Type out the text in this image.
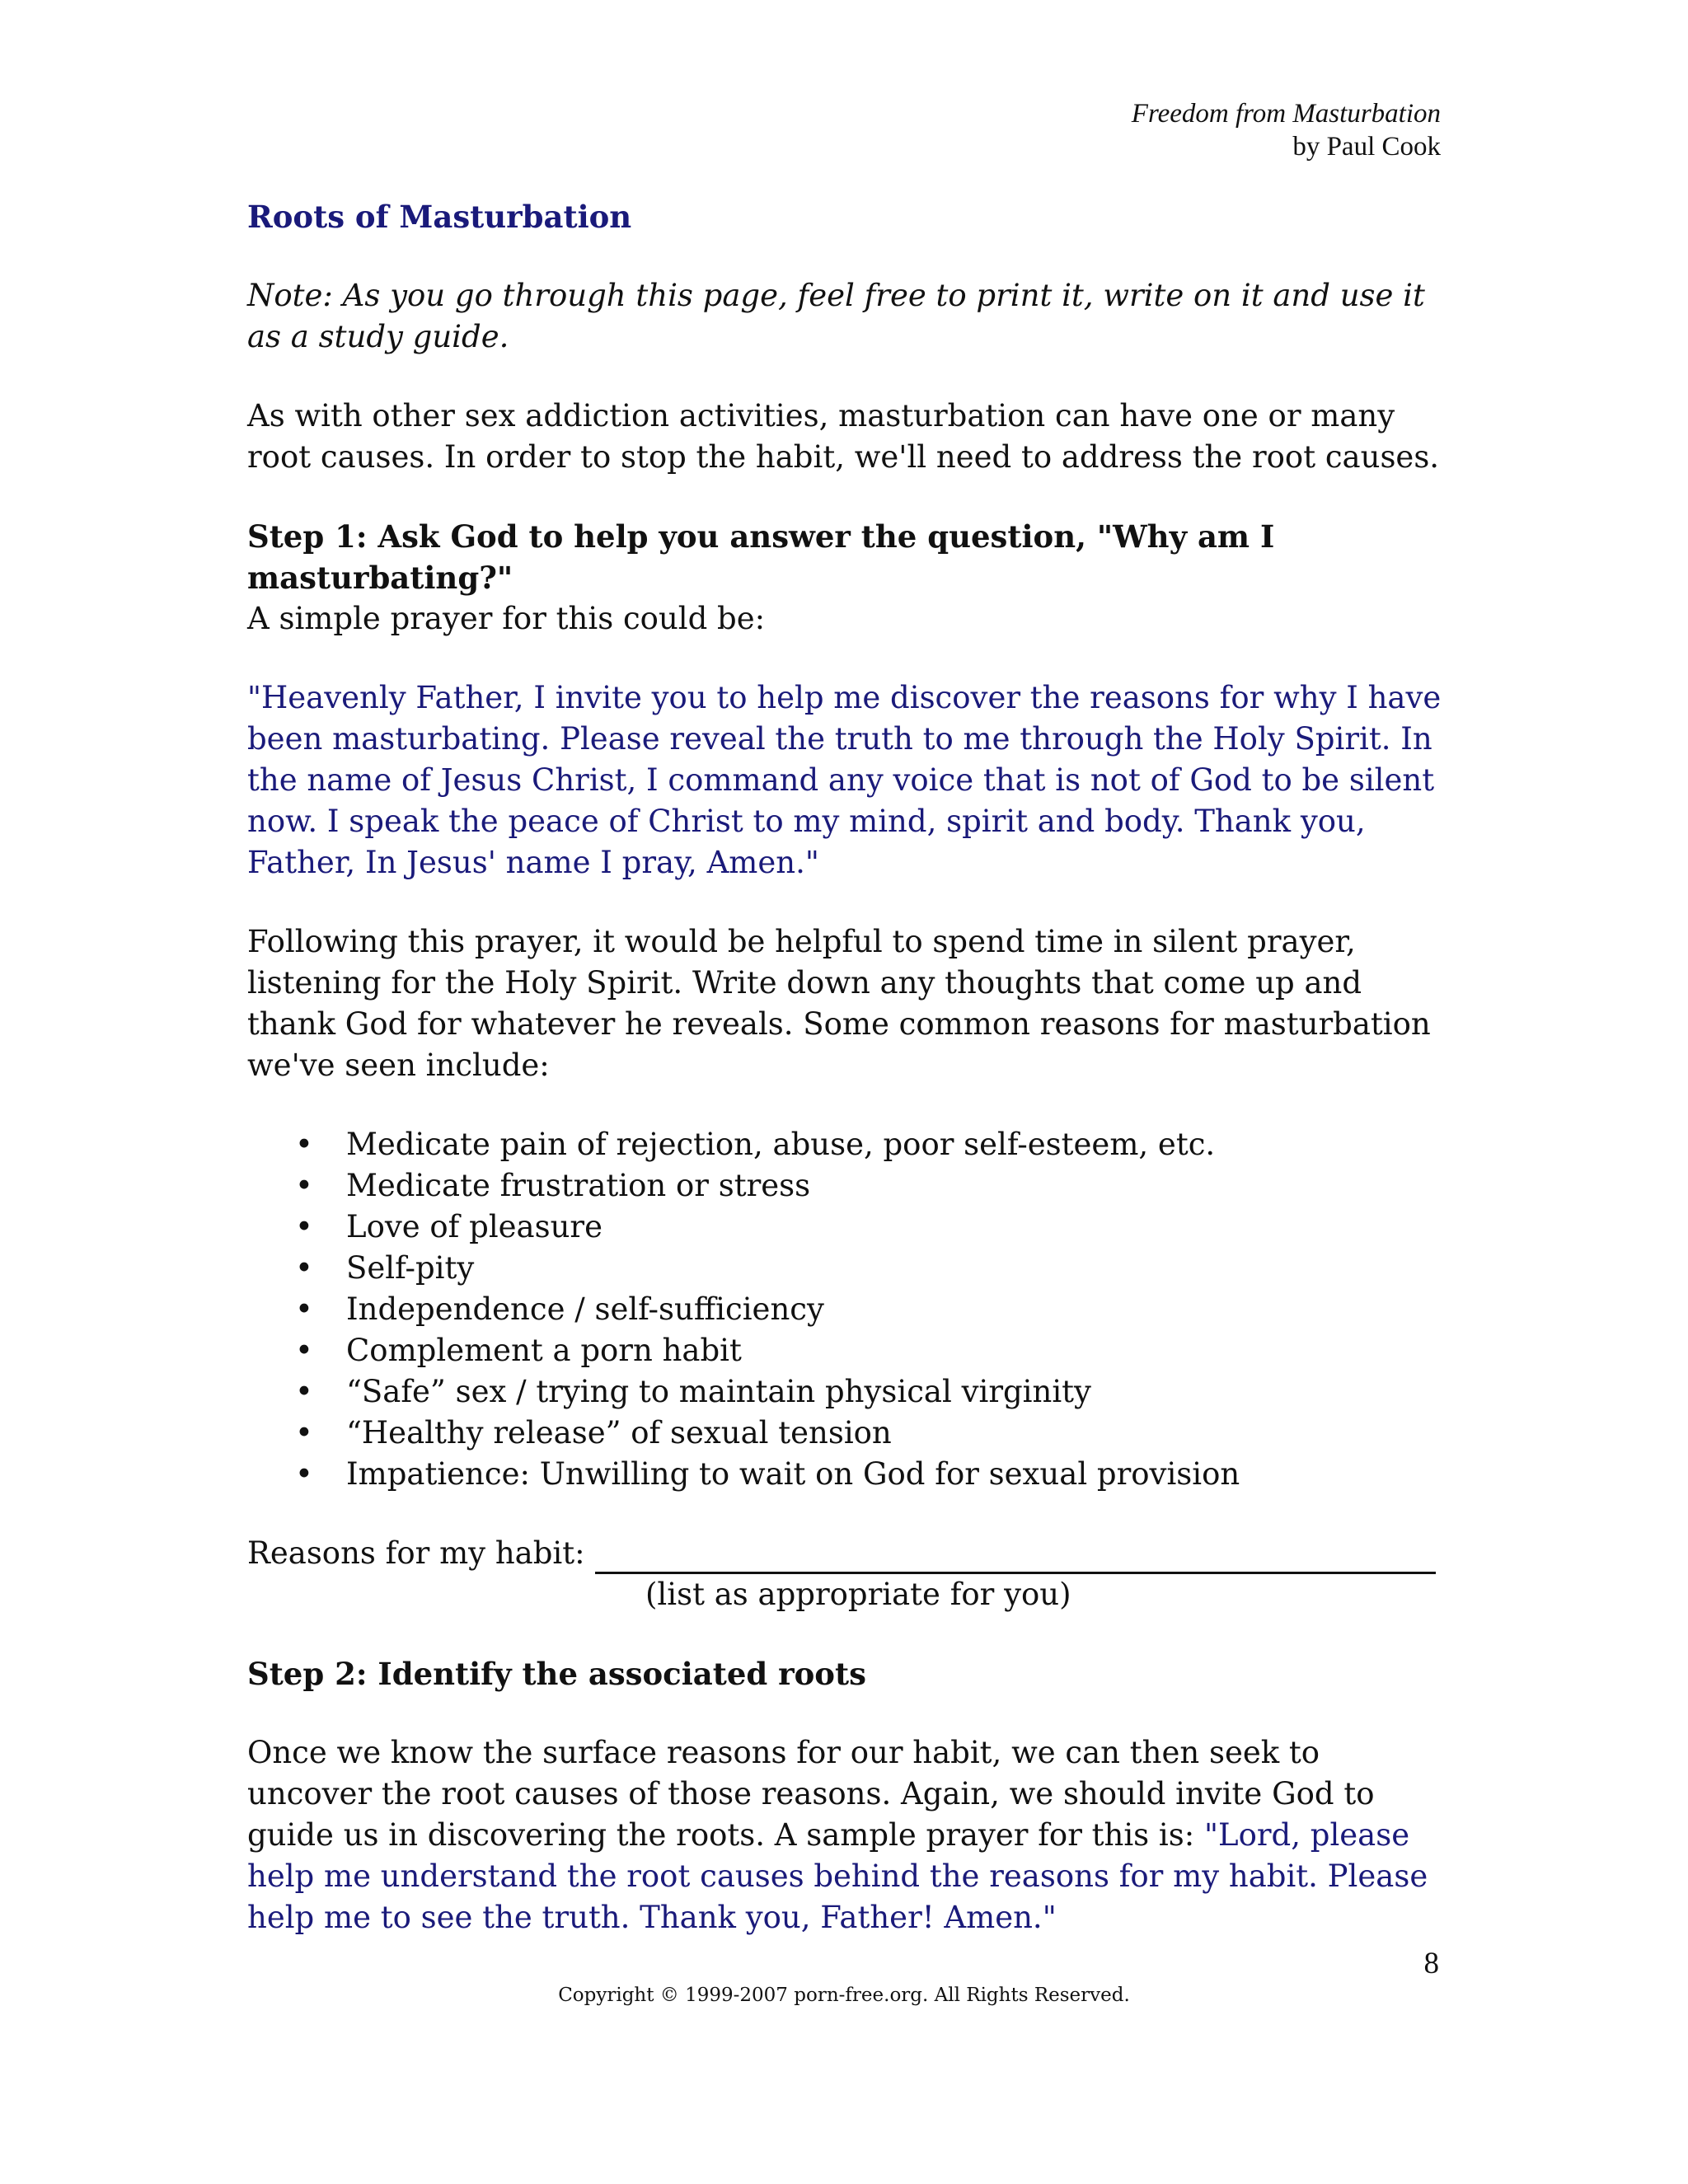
Freedom from Masturbation
by Paul Cook
Roots of Masturbation

Note: As you go through this page, feel free to print it, write on it and use it as a study guide.

As with other sex addiction activities, masturbation can have one or many root causes. In order to stop the habit, we'll need to address the root causes.

Step 1: Ask God to help you answer the question, "Why am I masturbating?"

A simple prayer for this could be:

"Heavenly Father, I invite you to help me discover the reasons for why I have been masturbating. Please reveal the truth to me through the Holy Spirit. In the name of Jesus Christ, I command any voice that is not of God to be silent now. I speak the peace of Christ to my mind, spirit and body. Thank you, Father, In Jesus' name I pray, Amen."

Following this prayer, it would be helpful to spend time in silent prayer, listening for the Holy Spirit. Write down any thoughts that come up and thank God for whatever he reveals. Some common reasons for masturbation we've seen include:

• Medicate pain of rejection, abuse, poor self-esteem, etc.
• Medicate frustration or stress
• Love of pleasure
• Self-pity
• Independence / self-sufficiency
• Complement a porn habit
• “Safe” sex / trying to maintain physical virginity
• “Healthy release” of sexual tension
• Impatience: Unwilling to wait on God for sexual provision
Reasons for my habit:
(list as appropriate for you)

Step 2: Identify the associated roots

Once we know the surface reasons for our habit, we can then seek to uncover the root causes of those reasons. Again, we should invite God to guide us in discovering the roots. A sample prayer for this is: "Lord, please help me understand the root causes behind the reasons for my habit. Please help me to see the truth. Thank you, Father! Amen."

8
Copyright © 1999-2007 porn-free.org. All Rights Reserved.
